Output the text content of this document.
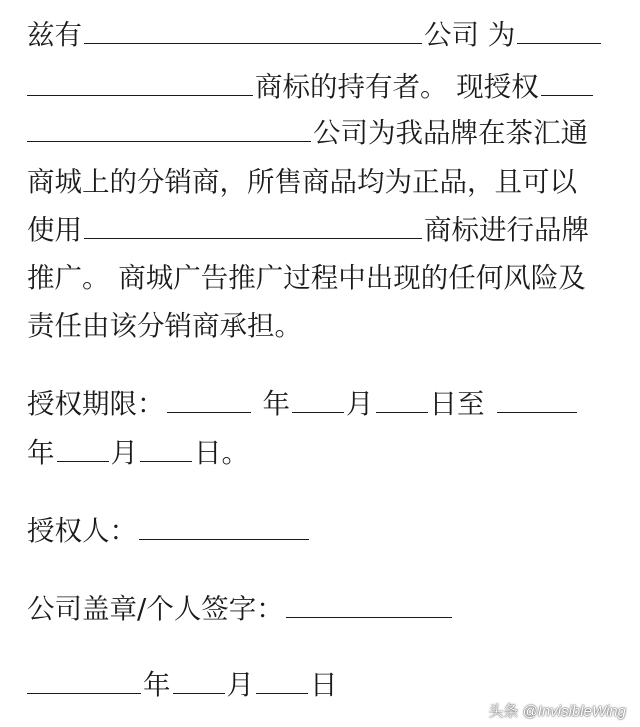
兹有	公司 为
商标的持有者。 现授权
公司为我品牌在茶汇通
商城上的分销商，所售商品均为正品，且可以
使用	商标进行品牌
推广。 商城广告推广过程中出现的任何风险及
责任由该分销商承担。
授权期限：	年 月 日至
年 月 日。
授权人：
公司盖章/个人签字：
年 月 日
头条 @InvisibleWing
